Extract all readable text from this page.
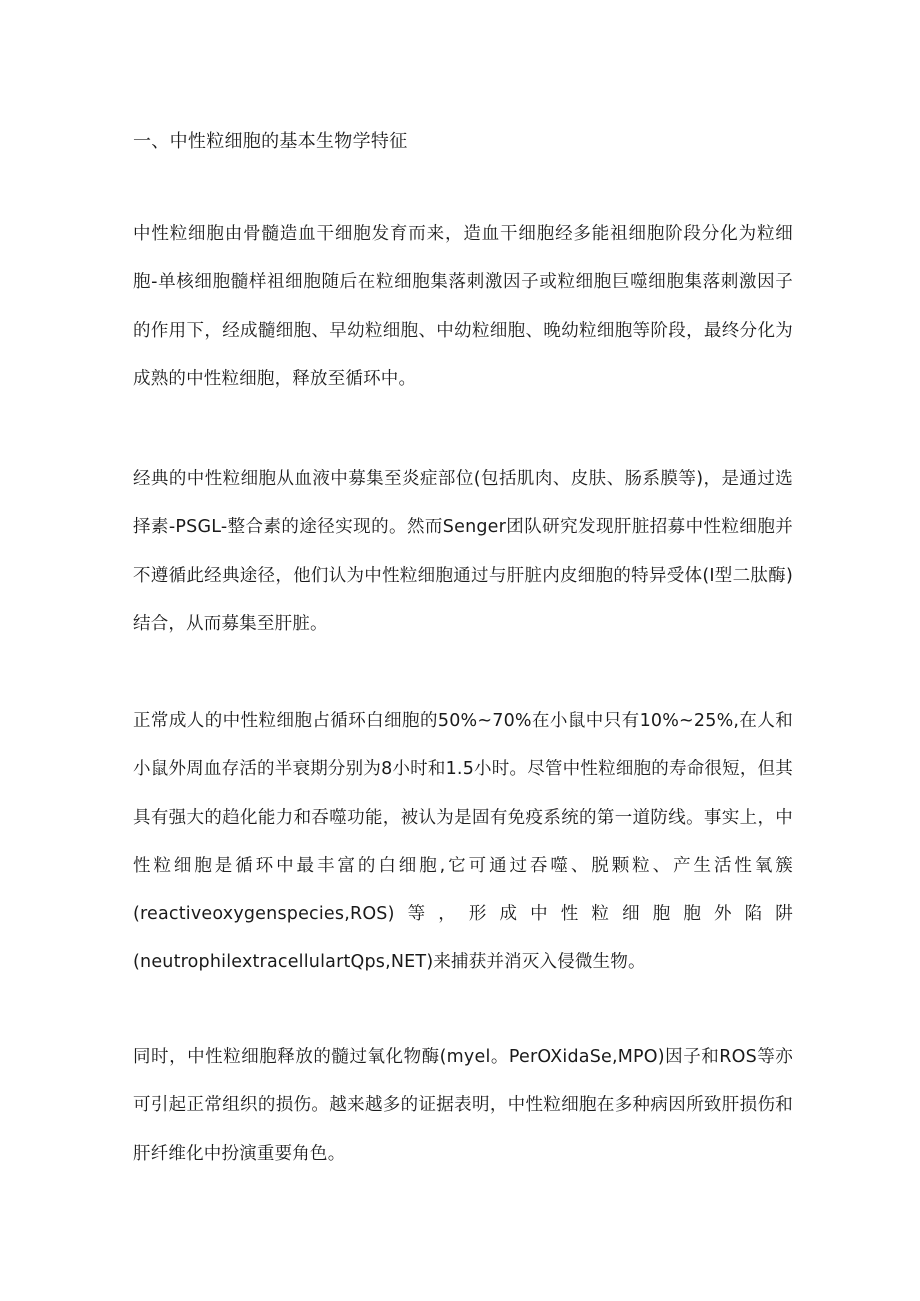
一、中性粒细胞的基本生物学特征

中性粒细胞由骨髓造血干细胞发育而来，造血干细胞经多能祖细胞阶段分化为粒细胞-单核细胞髓样祖细胞随后在粒细胞集落刺激因子或粒细胞巨噬细胞集落刺激因子的作用下，经成髓细胞、早幼粒细胞、中幼粒细胞、晚幼粒细胞等阶段，最终分化为成熟的中性粒细胞，释放至循环中。

经典的中性粒细胞从血液中募集至炎症部位(包括肌肉、皮肤、肠系膜等)，是通过选择素-PSGL-整合素的途径实现的。然而Senger团队研究发现肝脏招募中性粒细胞并不遵循此经典途径，他们认为中性粒细胞通过与肝脏内皮细胞的特异受体(I型二肽酶)结合，从而募集至肝脏。

正常成人的中性粒细胞占循环白细胞的50%~70%在小鼠中只有10%~25%,在人和小鼠外周血存活的半衰期分别为8小时和1.5小时。尽管中性粒细胞的寿命很短，但其具有强大的趋化能力和吞噬功能，被认为是固有免疫系统的第一道防线。事实上，中性粒细胞是循环中最丰富的白细胞,它可通过吞噬、脱颗粒、产生活性氧簇(reactiveoxygenspecies,ROS)等，形成中性粒细胞胞外陷阱(neutrophilextracellulartQps,NET)来捕获并消灭入侵微生物。

同时，中性粒细胞释放的髓过氧化物酶(myel。PerOXidaSe,MPO)因子和ROS等亦可引起正常组织的损伤。越来越多的证据表明，中性粒细胞在多种病因所致肝损伤和肝纤维化中扮演重要角色。
